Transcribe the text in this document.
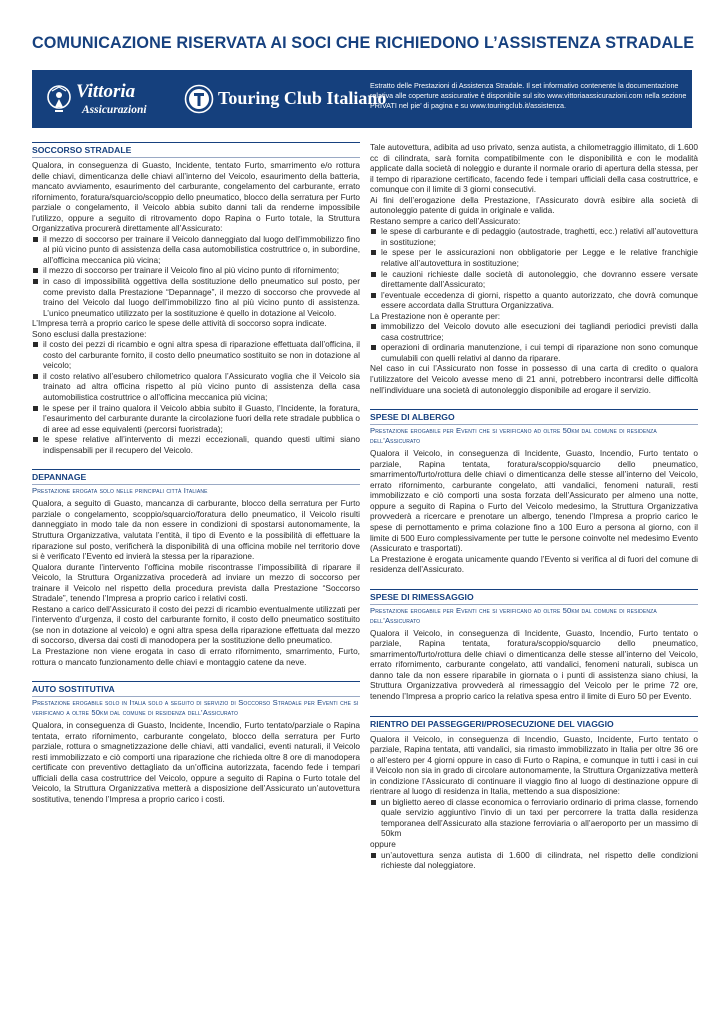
COMUNICAZIONE RISERVATA AI SOCI CHE RICHIEDONO L’ASSISTENZA STRADALE
Vittoria
Assicurazioni
Touring Club Italiano
Estratto delle Prestazioni di Assistenza Stradale. Il set informativo contenente la documentazione relativa alle coperture assicurative è disponibile sul sito www.vittoriaassicurazioni.com nella sezione PRIVATI nel pie’ di pagina e su www.touringclub.it/assistenza.
SOCCORSO STRADALE

Qualora, in conseguenza di Guasto, Incidente, tentato Furto, smarrimento e/o rottura delle chiavi, dimenticanza delle chiavi all’interno del Veicolo, esaurimento della batteria, mancato avviamento, esaurimento del carburante, congelamento del carburante, errato rifornimento, foratura/squarcio/scoppio dello pneumatico, blocco della serratura per Furto parziale o congelamento, il Veicolo abbia subito danni tali da renderne impossibile l’utilizzo, oppure a seguito di ritrovamento dopo Rapina o Furto totale, la Struttura Organizzativa procurerà direttamente all’Assicurato:

il mezzo di soccorso per trainare il Veicolo danneggiato dal luogo dell’immobilizzo fino al più vicino punto di assistenza della casa automobilistica costruttrice o, in subordine, all’officina meccanica più vicina;
il mezzo di soccorso per trainare il Veicolo fino al più vicino punto di rifornimento;
in caso di impossibilità oggettiva della sostituzione dello pneumatico sul posto, per come previsto dalla Prestazione “Depannage”, il mezzo di soccorso che provvede al traino del Veicolo dal luogo dell’immobilizzo fino al più vicino punto di assistenza. L’unico pneumatico utilizzato per la sostituzione è quello in dotazione al Veicolo.

L’Impresa terrà a proprio carico le spese delle attività di soccorso sopra indicate.

Sono esclusi dalla prestazione:

il costo dei pezzi di ricambio e ogni altra spesa di riparazione effettuata dall’officina, il costo del carburante fornito, il costo dello pneumatico sostituito se non in dotazione al veicolo;
il costo relativo all’esubero chilometrico qualora l’Assicurato voglia che il Veicolo sia trainato ad altra officina rispetto al più vicino punto di assistenza della casa automobilistica costruttrice o all’officina meccanica più vicina;
le spese per il traino qualora il Veicolo abbia subito il Guasto, l’Incidente, la foratura, l’esaurimento del carburante durante la circolazione fuori della rete stradale pubblica o di aree ad esse equivalenti (percorsi fuoristrada);
le spese relative all’intervento di mezzi eccezionali, quando questi ultimi siano indispensabili per il recupero del Veicolo.
DEPANNAGE
Prestazione erogata solo nelle principali città Italiane

Qualora, a seguito di Guasto, mancanza di carburante, blocco della serratura per Furto parziale o congelamento, scoppio/squarcio/foratura dello pneumatico, il Veicolo risulti danneggiato in modo tale da non essere in condizioni di spostarsi autonomamente, la Struttura Organizzativa, valutata l’entità, il tipo di Evento e la possibilità di effettuare la riparazione sul posto, verificherà la disponibilità di una officina mobile nel territorio dove si è verificato l’Evento ed invierà la stessa per la riparazione.

Qualora durante l’intervento l’officina mobile riscontrasse l’impossibilità di riparare il Veicolo, la Struttura Organizzativa procederà ad inviare un mezzo di soccorso per trainare il Veicolo nel rispetto della procedura prevista dalla Prestazione “Soccorso Stradale”, tenendo l’Impresa a proprio carico i relativi costi.

Restano a carico dell’Assicurato il costo dei pezzi di ricambio eventualmente utilizzati per l’intervento d’urgenza, il costo del carburante fornito, il costo dello pneumatico sostituito (se non in dotazione al veicolo) e ogni altra spesa della riparazione effettuata dal mezzo di soccorso, diversa dai costi di manodopera per la sostituzione dello pneumatico.

La Prestazione non viene erogata in caso di errato rifornimento, smarrimento, Furto, rottura o mancato funzionamento delle chiavi e montaggio catene da neve.

AUTO SOSTITUTIVA
Prestazione erogabile solo in Italia solo a seguito di servizio di Soccorso Stradale per Eventi che si verificano a oltre 50km dal comune di residenza dell’Assicurato

Qualora, in conseguenza di Guasto, Incidente, Incendio, Furto tentato/parziale o Rapina tentata, errato rifornimento, carburante congelato, blocco della serratura per Furto parziale, rottura o smagnetizzazione delle chiavi, atti vandalici, eventi naturali, il Veicolo resti immobilizzato e ciò comporti una riparazione che richieda oltre 8 ore di manodopera certificate con preventivo dettagliato da un’officina autorizzata, facendo fede i tempari ufficiali della casa costruttrice del Veicolo, oppure a seguito di Rapina o Furto totale del Veicolo, la Struttura Organizzativa metterà a disposizione dell’Assicurato un’autovettura sostitutiva, tenendo l’Impresa a proprio carico i costi.

Tale autovettura, adibita ad uso privato, senza autista, a chilometraggio illimitato, di 1.600 cc di cilindrata, sarà fornita compatibilmente con le disponibilità e con le modalità applicate dalla società di noleggio e durante il normale orario di apertura della stessa, per il tempo di riparazione certificato, facendo fede i tempari ufficiali della casa costruttrice, e comunque con il limite di 3 giorni consecutivi.

Ai fini dell’erogazione della Prestazione, l’Assicurato dovrà esibire alla società di autonoleggio patente di guida in originale e valida.

Restano sempre a carico dell’Assicurato:

le spese di carburante e di pedaggio (autostrade, traghetti, ecc.) relativi all’autovettura in sostituzione;
le spese per le assicurazioni non obbligatorie per Legge e le relative franchigie relative all’autovettura in sostituzione;
le cauzioni richieste dalle società di autonoleggio, che dovranno essere versate direttamente dall’Assicurato;
l’eventuale eccedenza di giorni, rispetto a quanto autorizzato, che dovrà comunque essere accordata dalla Struttura Organizzativa.

La Prestazione non è operante per:

immobilizzo del Veicolo dovuto alle esecuzioni dei tagliandi periodici previsti dalla casa costruttrice;
operazioni di ordinaria manutenzione, i cui tempi di riparazione non sono comunque cumulabili con quelli relativi al danno da riparare.

Nel caso in cui l’Assicurato non fosse in possesso di una carta di credito o qualora l’utilizzatore del Veicolo avesse meno di 21 anni, potrebbero incontrarsi delle difficoltà nell’individuare una società di autonoleggio disponibile ad erogare il servizio.

SPESE DI ALBERGO
Prestazione erogabile per Eventi che si verificano ad oltre 50km dal comune di residenza dell’Assicurato

Qualora il Veicolo, in conseguenza di Incidente, Guasto, Incendio, Furto tentato o parziale, Rapina tentata, foratura/scoppio/squarcio dello pneumatico, smarrimento/furto/rottura delle chiavi o dimenticanza delle stesse all’interno del Veicolo, errato rifornimento, carburante congelato, atti vandalici, fenomeni naturali, resti immobilizzato e ciò comporti una sosta forzata dell’Assicurato per almeno una notte, oppure a seguito di Rapina o Furto del Veicolo medesimo, la Struttura Organizzativa provvederà a ricercare e prenotare un albergo, tenendo l’Impresa a proprio carico le spese di pernottamento e prima colazione fino a 100 Euro a persona al giorno, con il limite di 500 Euro complessivamente per tutte le persone coinvolte nel medesimo Evento (Assicurato e trasportati).

La Prestazione è erogata unicamente quando l’Evento si verifica al di fuori del comune di residenza dell’Assicurato.

SPESE DI RIMESSAGGIO
Prestazione erogabile per Eventi che si verificano ad oltre 50km dal comune di residenza dell’Assicurato

Qualora il Veicolo, in conseguenza di Incidente, Guasto, Incendio, Furto tentato o parziale, Rapina tentata, foratura/scoppio/squarcio dello pneumatico, smarrimento/furto/rottura delle chiavi o dimenticanza delle stesse all’interno del Veicolo, errato rifornimento, carburante congelato, atti vandalici, fenomeni naturali, subisca un danno tale da non essere riparabile in giornata o i punti di assistenza siano chiusi, la Struttura Organizzativa provvederà al rimessaggio del Veicolo per le prime 72 ore, tenendo l’Impresa a proprio carico la relativa spesa entro il limite di Euro 50 per Evento.

RIENTRO DEI PASSEGGERI/PROSECUZIONE DEL VIAGGIO

Qualora il Veicolo, in conseguenza di Incendio, Guasto, Incidente, Furto tentato o parziale, Rapina tentata, atti vandalici, sia rimasto immobilizzato in Italia per oltre 36 ore o all’estero per 4 giorni oppure in caso di Furto o Rapina, e comunque in tutti i casi in cui il Veicolo non sia in grado di circolare autonomamente, la Struttura Organizzativa metterà in condizione l’Assicurato di continuare il viaggio fino al luogo di destinazione oppure di rientrare al luogo di residenza in Italia, mettendo a sua disposizione:

un biglietto aereo di classe economica o ferroviario ordinario di prima classe, fornendo quale servizio aggiuntivo l’invio di un taxi per percorrere la tratta dalla residenza temporanea dell’Assicurato alla stazione ferroviaria o all’aeroporto per un massimo di 50km

oppure

un’autovettura senza autista di 1.600 di cilindrata, nel rispetto delle condizioni richieste dal noleggiatore.
